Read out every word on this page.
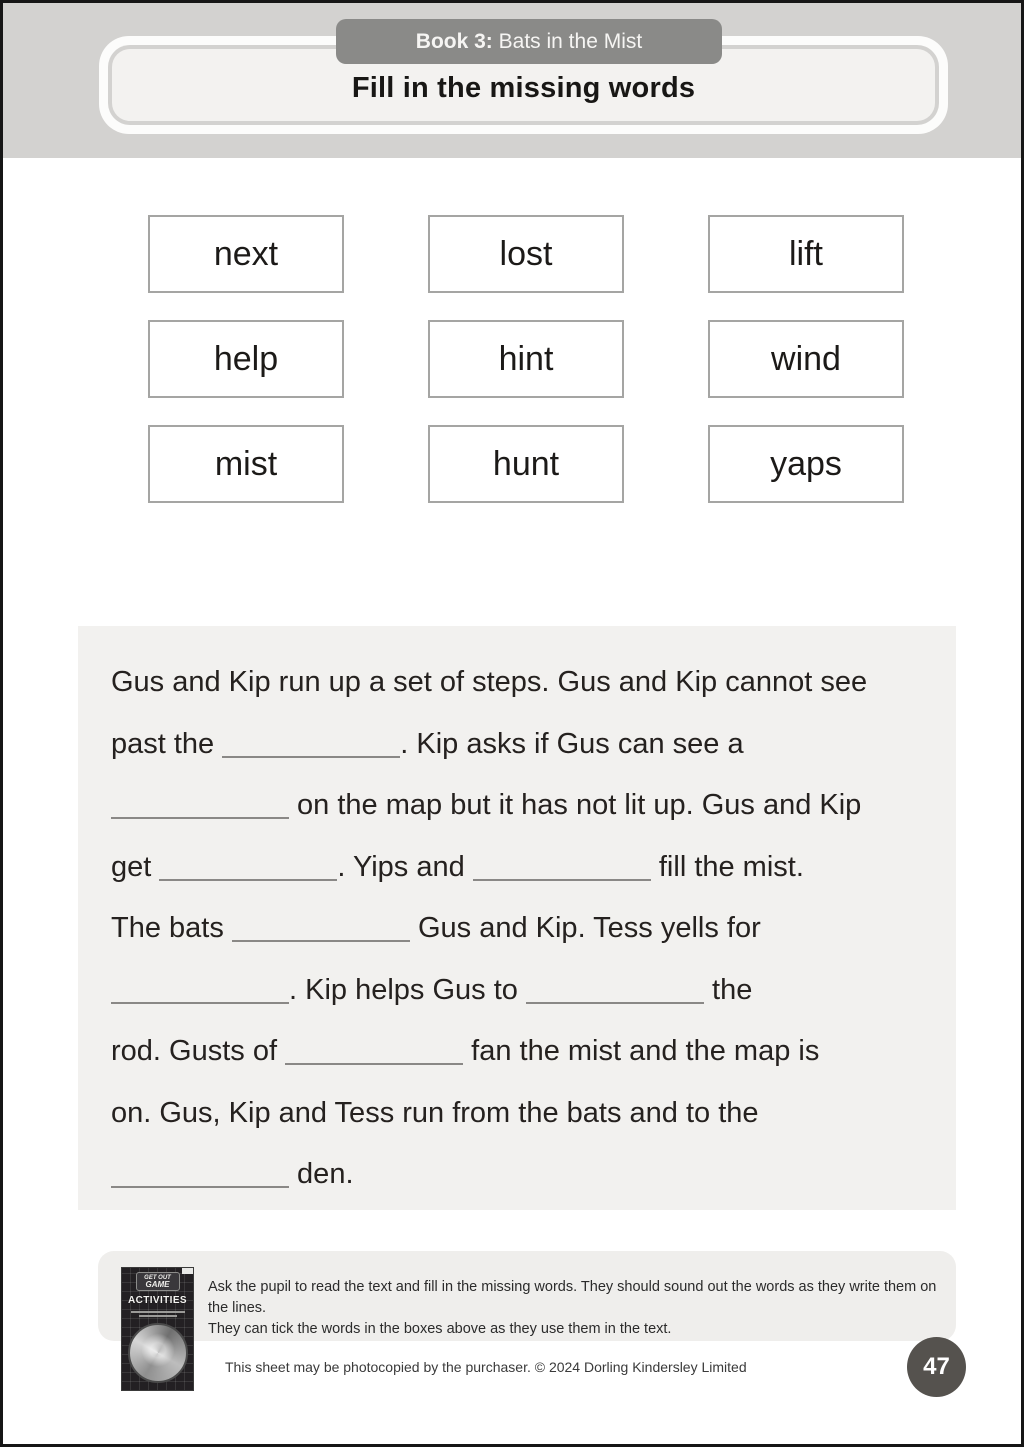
Fill in the missing words
Book 3: Bats in the Mist
next	lost	lift
help	hint	wind
mist	hunt	yaps
Gus and Kip run up a set of steps. Gus and Kip cannot see
past the	. Kip asks if Gus can see a
on the map but it has not lit up. Gus and Kip
get	. Yips and	fill the mist.
The bats	Gus and Kip. Tess yells for
. Kip helps Gus to	the
rod. Gusts of	fan the mist and the map is
on. Gus, Kip and Tess run from the bats and to the
den.
GET OUT
GAME
ACTIVITIES
Ask the pupil to read the text and fill in the missing words. They should sound out the words as they write them on the lines.
They can tick the words in the boxes above as they use them in the text.
This sheet may be photocopied by the purchaser. © 2024 Dorling Kindersley Limited	47
